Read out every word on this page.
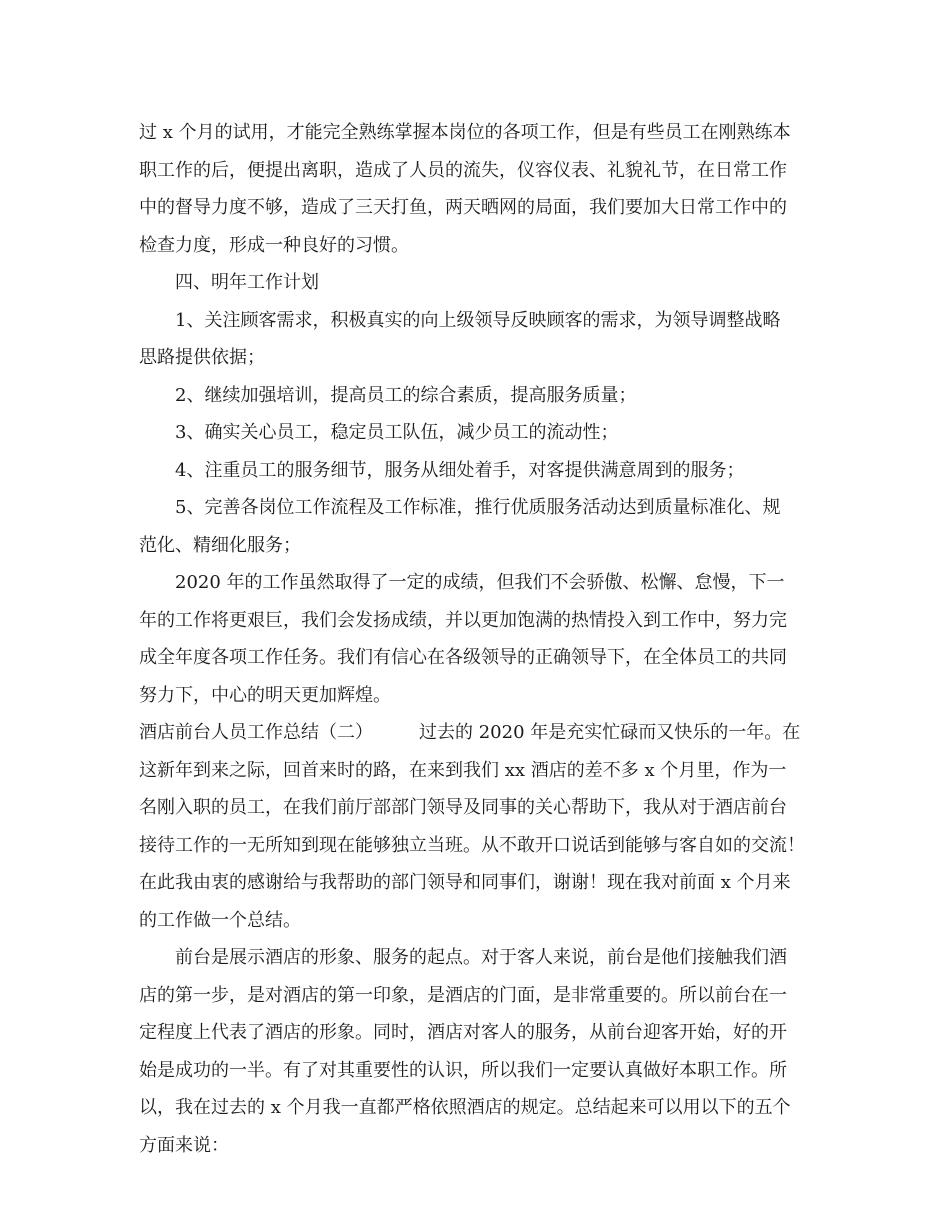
过 x 个月的试用，才能完全熟练掌握本岗位的各项工作，但是有些员工在刚熟练本
职工作的后，便提出离职，造成了人员的流失，仪容仪表、礼貌礼节，在日常工作
中的督导力度不够，造成了三天打鱼，两天晒网的局面，我们要加大日常工作中的
检查力度，形成一种良好的习惯。
四、明年工作计划
1、关注顾客需求，积极真实的向上级领导反映顾客的需求，为领导调整战略
思路提供依据；
2、继续加强培训，提高员工的综合素质，提高服务质量；
3、确实关心员工，稳定员工队伍，减少员工的流动性；
4、注重员工的服务细节，服务从细处着手，对客提供满意周到的服务；
5、完善各岗位工作流程及工作标准，推行优质服务活动达到质量标准化、规
范化、精细化服务；
2020 年的工作虽然取得了一定的成绩，但我们不会骄傲、松懈、怠慢，下一
年的工作将更艰巨，我们会发扬成绩，并以更加饱满的热情投入到工作中，努力完
成全年度各项工作任务。我们有信心在各级领导的正确领导下，在全体员工的共同
努力下，中心的明天更加辉煌。
酒店前台人员工作总结（二）	过去的 2020 年是充实忙碌而又快乐的一年。在
这新年到来之际，回首来时的路，在来到我们 xx 酒店的差不多 x 个月里，作为一
名刚入职的员工，在我们前厅部部门领导及同事的关心帮助下，我从对于酒店前台
接待工作的一无所知到现在能够独立当班。从不敢开口说话到能够与客自如的交流！
在此我由衷的感谢给与我帮助的部门领导和同事们，谢谢！现在我对前面 x 个月来
的工作做一个总结。
前台是展示酒店的形象、服务的起点。对于客人来说，前台是他们接触我们酒
店的第一步，是对酒店的第一印象，是酒店的门面，是非常重要的。所以前台在一
定程度上代表了酒店的形象。同时，酒店对客人的服务，从前台迎客开始，好的开
始是成功的一半。有了对其重要性的认识，所以我们一定要认真做好本职工作。所
以，我在过去的 x 个月我一直都严格依照酒店的规定。总结起来可以用以下的五个
方面来说：
